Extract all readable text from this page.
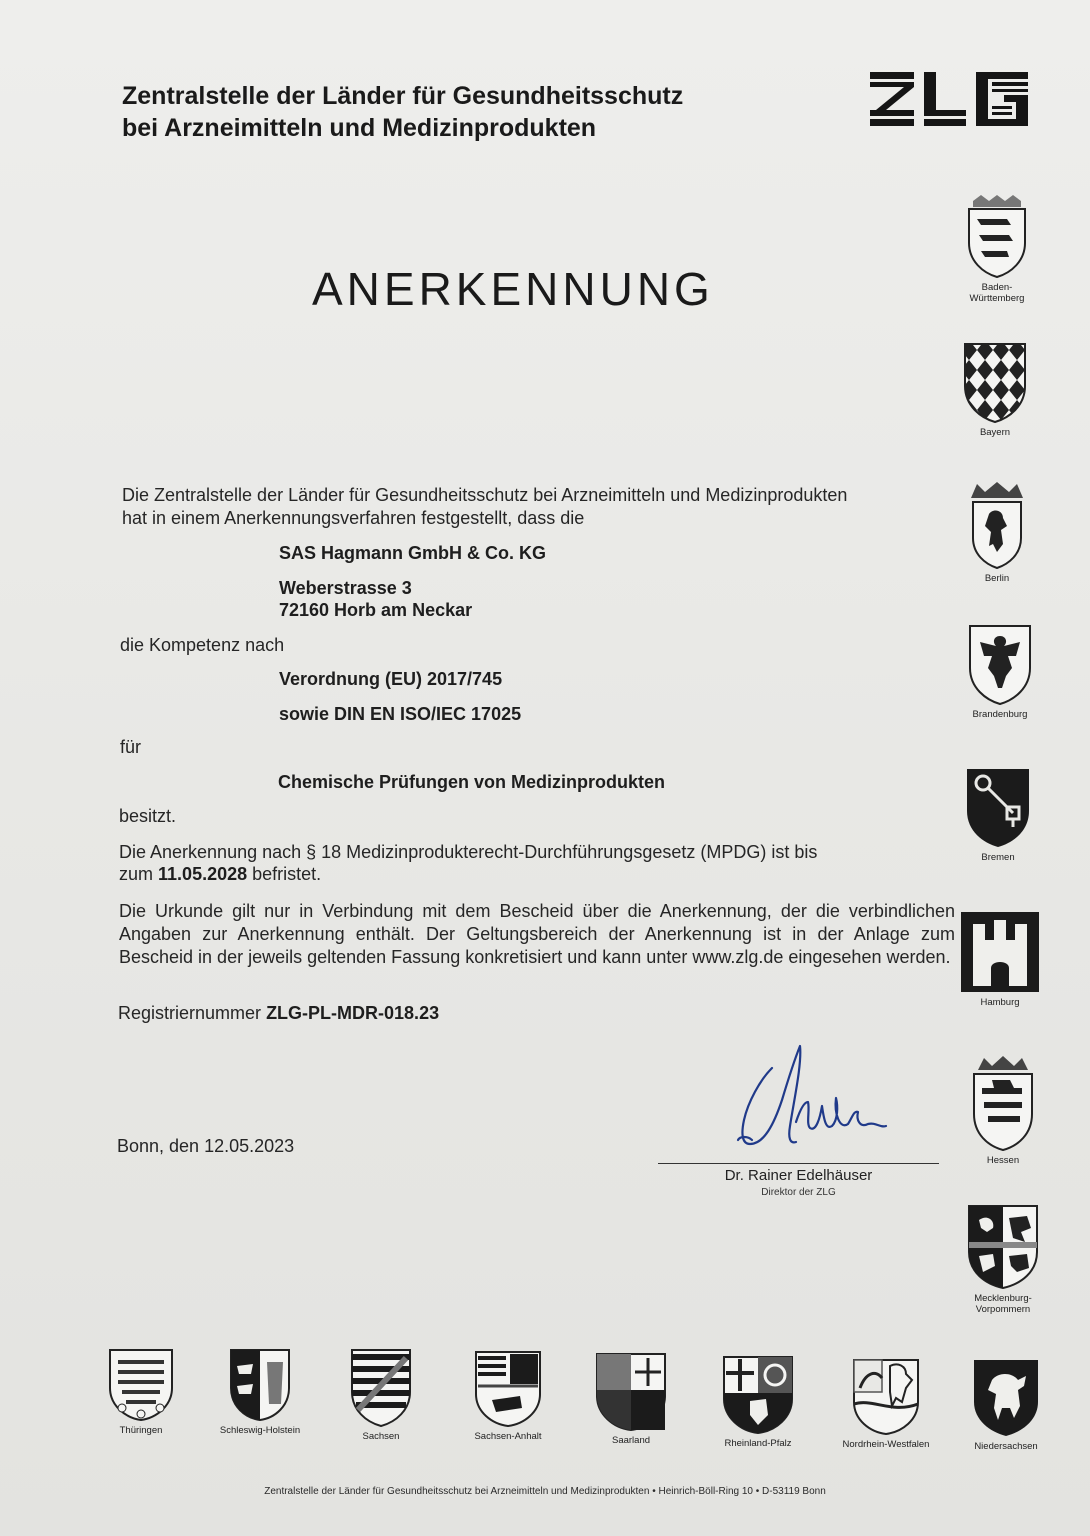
Zentralstelle der Länder für Gesundheitsschutz
bei Arzneimitteln und Medizinprodukten
ANERKENNUNG
Die Zentralstelle der Länder für Gesundheitsschutz bei Arzneimitteln und Medizinprodukten
hat in einem Anerkennungsverfahren festgestellt, dass die
SAS Hagmann GmbH & Co. KG
Weberstrasse 3
72160 Horb am Neckar
die Kompetenz nach
Verordnung (EU) 2017/745
sowie DIN EN ISO/IEC 17025
für
Chemische Prüfungen von Medizinprodukten
besitzt.
Die Anerkennung nach § 18 Medizinprodukterecht-Durchführungsgesetz (MPDG) ist bis
zum 11.05.2028 befristet.
Die Urkunde gilt nur in Verbindung mit dem Bescheid über die Anerkennung, der die verbindlichen Angaben zur Anerkennung enthält. Der Geltungsbereich der Anerkennung ist in der Anlage zum Bescheid in der jeweils geltenden Fassung konkretisiert und kann unter www.zlg.de eingesehen werden.
Registriernummer ZLG-PL-MDR-018.23
Bonn, den 12.05.2023
Dr. Rainer Edelhäuser
Direktor der ZLG
Baden-
Württemberg
Bayern
Berlin
Brandenburg
Bremen
Hamburg
Hessen
Mecklenburg-
Vorpommern
Niedersachsen
Thüringen	Schleswig-Holstein
Sachsen	Sachsen-Anhalt	Saarland	Rheinland-Pfalz	Nordrhein-Westfalen
Zentralstelle der Länder für Gesundheitsschutz bei Arzneimitteln und Medizinprodukten • Heinrich-Böll-Ring 10 • D-53119 Bonn
